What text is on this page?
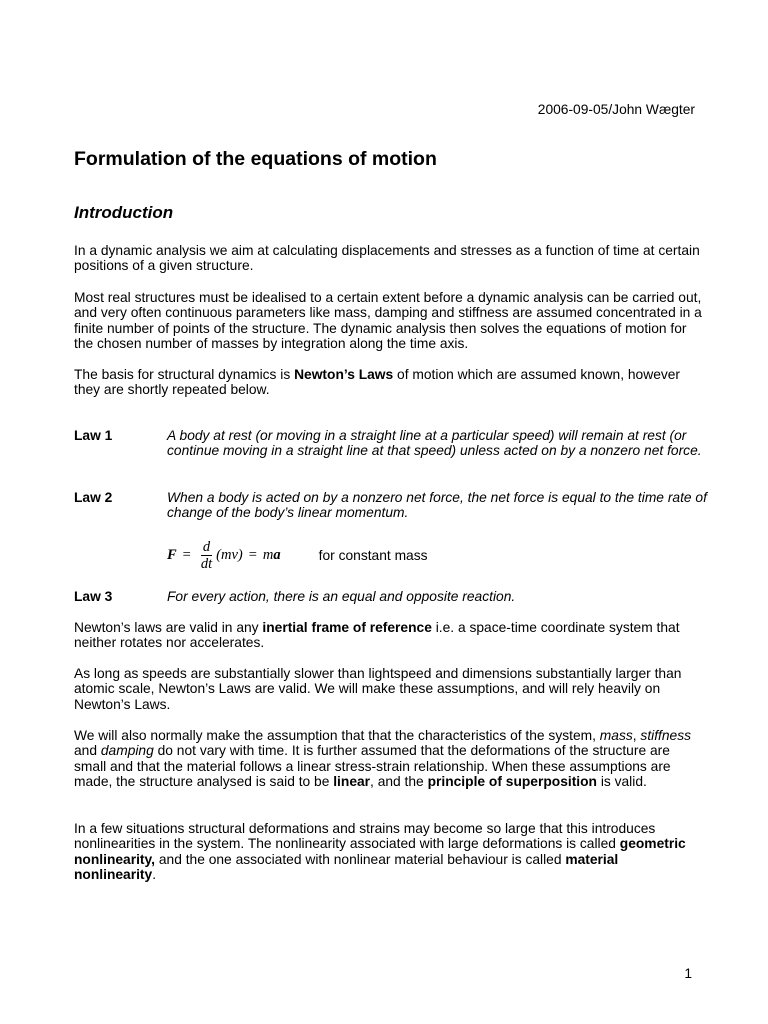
2006-09-05/John Wægter
Formulation of the equations of motion
Introduction

In a dynamic analysis we aim at calculating displacements and stresses as a function of time at certain positions of a given structure.

Most real structures must be idealised to a certain extent before a dynamic analysis can be carried out, and very often continuous parameters like mass, damping and stiffness are assumed concentrated in a finite number of points of the structure. The dynamic analysis then solves the equations of motion for the chosen number of masses by integration along the time axis.

The basis for structural dynamics is Newton’s Laws of motion which are assumed known, however they are shortly repeated below.

Law 1	A body at rest (or moving in a straight line at a particular speed) will remain at rest (or continue moving in a straight line at that speed) unless acted on by a nonzero net force.
Law 2	When a body is acted on by a nonzero net force, the net force is equal to the time rate of change of the body’s linear momentum.
$F = \frac{d}{dt} (mv) = m$ a	for constant mass
Law 3	For every action, there is an equal and opposite reaction.

Newton’s laws are valid in any inertial frame of reference i.e. a space-time coordinate system that neither rotates nor accelerates.

As long as speeds are substantially slower than lightspeed and dimensions substantially larger than atomic scale, Newton’s Laws are valid. We will make these assumptions, and will rely heavily on Newton’s Laws.

We will also normally make the assumption that that the characteristics of the system, mass, stiffness and damping do not vary with time. It is further assumed that the deformations of the structure are small and that the material follows a linear stress-strain relationship. When these assumptions are made, the structure analysed is said to be linear, and the principle of superposition is valid.

In a few situations structural deformations and strains may become so large that this introduces nonlinearities in the system. The nonlinearity associated with large deformations is called geometric nonlinearity, and the one associated with nonlinear material behaviour is called material nonlinearity.

1
